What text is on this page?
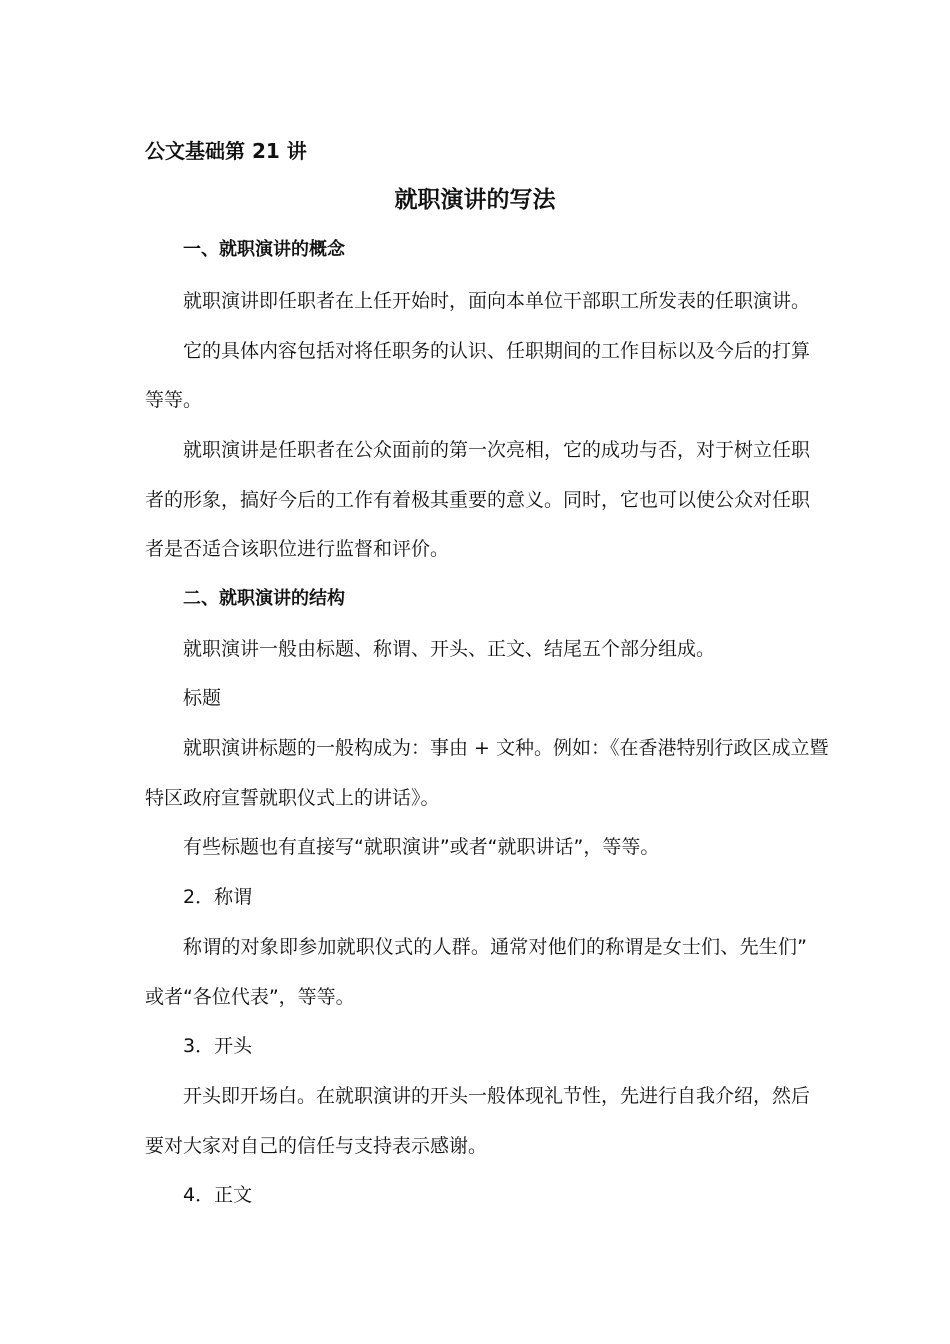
公文基础第 21 讲
就职演讲的写法
一、就职演讲的概念
就职演讲即任职者在上任开始时，面向本单位干部职工所发表的任职演讲。
它的具体内容包括对将任职务的认识、任职期间的工作目标以及今后的打算
等等。
就职演讲是任职者在公众面前的第一次亮相，它的成功与否，对于树立任职
者的形象，搞好今后的工作有着极其重要的意义。同时，它也可以使公众对任职
者是否适合该职位进行监督和评价。
二、就职演讲的结构
就职演讲一般由标题、称谓、开头、正文、结尾五个部分组成。
标题
就职演讲标题的一般构成为：事由 + 文种。例如：《在香港特别行政区成立暨
特区政府宣誓就职仪式上的讲话》。
有些标题也有直接写“就职演讲”或者“就职讲话”，等等。
2．称谓
称谓的对象即参加就职仪式的人群。通常对他们的称谓是女士们、先生们”
或者“各位代表”，等等。
3．开头
开头即开场白。在就职演讲的开头一般体现礼节性，先进行自我介绍，然后
要对大家对自己的信任与支持表示感谢。
4．正文
